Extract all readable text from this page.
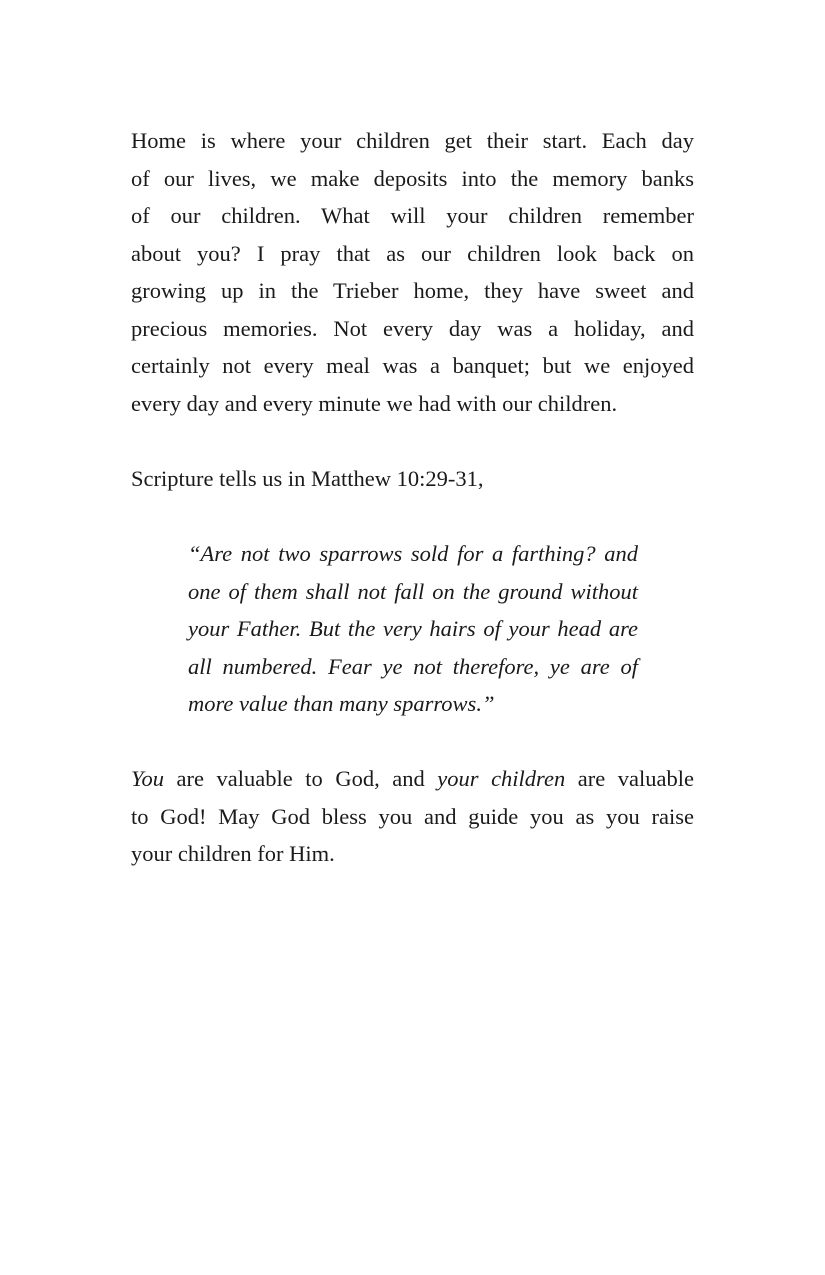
Home is where your children get their start. Each day
of our lives, we make deposits into the memory banks
of our children. What will your children remember
about you? I pray that as our children look back on
growing up in the Trieber home, they have sweet and
precious memories. Not every day was a holiday, and
certainly not every meal was a banquet; but we enjoyed
every day and every minute we had with our children.

Scripture tells us in Matthew 10:29-31,

“Are not two sparrows sold for a farthing? and
one of them shall not fall on the ground without
your Father. But the very hairs of your head are
all numbered. Fear ye not therefore, ye are of
more value than many sparrows.”

You are valuable to God, and your children are valuable
to God! May God bless you and guide you as you raise
your children for Him.
